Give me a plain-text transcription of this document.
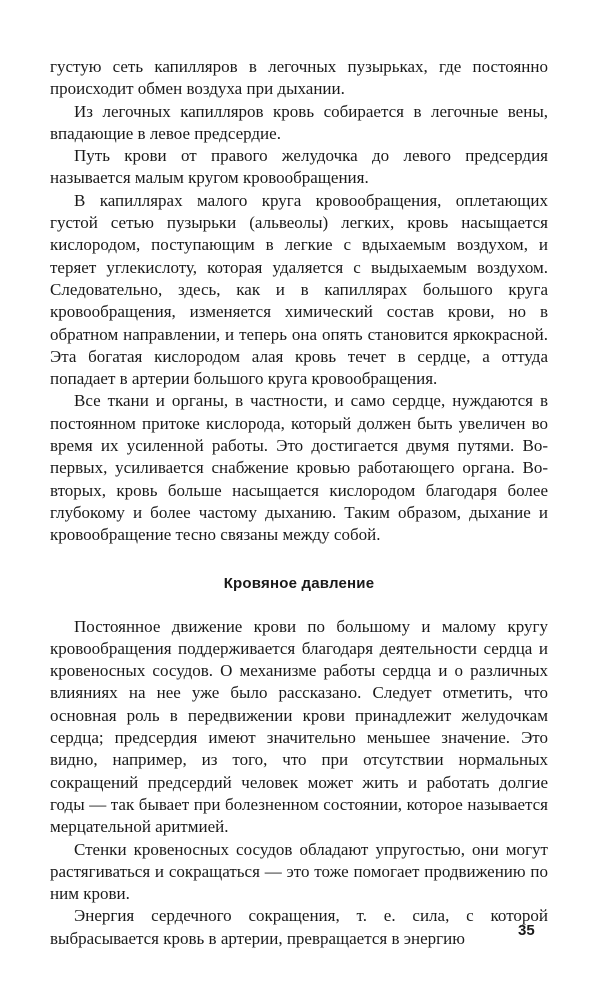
густую сеть капилляров в легочных пузырьках, где постоянно происходит обмен воздуха при дыхании.

Из легочных капилляров кровь собирается в легочные вены, впадающие в левое предсердие.

Путь крови от правого желудочка до левого предсердия называется малым кругом кровообращения.

В капиллярах малого круга кровообращения, оплетающих густой сетью пузырьки (альвеолы) легких, кровь насыщается кислородом, поступающим в легкие с вдыхаемым воздухом, и теряет углекислоту, которая удаляется с выдыхаемым воздухом. Следовательно, здесь, как и в капиллярах большого круга кровообращения, изменяется химический состав крови, но в обратном направлении, и теперь она опять становится яркокрасной. Эта богатая кислородом алая кровь течет в сердце, а оттуда попадает в артерии большого круга кровообращения.

Все ткани и органы, в частности, и само сердце, нуждаются в постоянном притоке кислорода, который должен быть увеличен во время их усиленной работы. Это достигается двумя путями. Во-первых, усиливается снабжение кровью работающего органа. Во-вторых, кровь больше насыщается кислородом благодаря более глубокому и более частому дыханию. Таким образом, дыхание и кровообращение тесно связаны между собой.

Кровяное давление

Постоянное движение крови по большому и малому кругу кровообращения поддерживается благодаря деятельности сердца и кровеносных сосудов. О механизме работы сердца и о различных влияниях на нее уже было рассказано. Следует отметить, что основная роль в передвижении крови принадлежит желудочкам сердца; предсердия имеют значительно меньшее значение. Это видно, например, из того, что при отсутствии нормальных сокращений предсердий человек может жить и работать долгие годы — так бывает при болезненном состоянии, которое называется мерцательной аритмией.

Стенки кровеносных сосудов обладают упругостью, они могут растягиваться и сокращаться — это тоже помогает продвижению по ним крови.

Энергия сердечного сокращения, т. е. сила, с которой выбрасывается кровь в артерии, превращается в энергию	35
